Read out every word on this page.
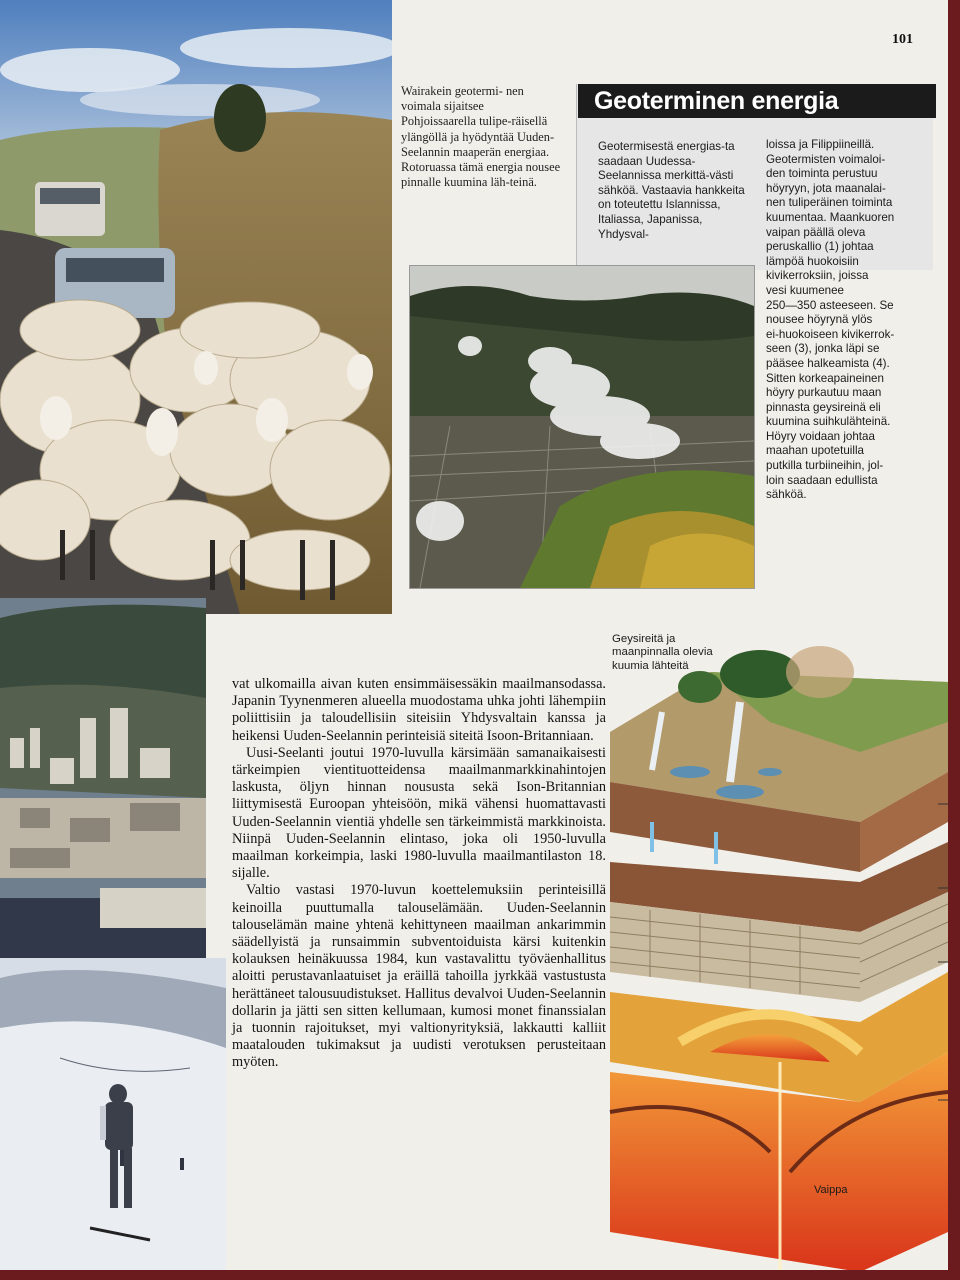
101
Wairakein geotermi- nen voimala sijaitsee Pohjoissaarella tulipe-räisellä ylängöllä ja hyödyntää Uuden-Seelannin maaperän energiaa. Rotoruassa tämä energia nousee pinnalle kuumina läh-teinä.
Geoterminen energia
Geotermisestä energias-ta saadaan Uudessa-Seelannissa merkittä-västi sähköä. Vastaavia hankkeita on toteutettu Islannissa, Italiassa, Japanissa, Yhdysval-
loissa ja Filippiineillä.
Geotermisten voimaloi-
den toiminta perustuu
höyryyn, jota maanalai-
nen tuliperäinen toiminta
kuumentaa. Maankuoren
vaipan päällä oleva
peruskallio (1) johtaa
lämpöä huokoisiin
kivikerroksiin, joissa
vesi kuumenee
250—350 asteeseen. Se
nousee höyrynä ylös
ei-huokoiseen kivikerrok-
seen (3), jonka läpi se
pääsee halkeamista (4).
Sitten korkeapaineinen
höyry purkautuu maan
pinnasta geysireinä eli
kuumina suihkulähteinä.
Höyry voidaan johtaa
maahan upotetuilla
putkilla turbiineihin, jol-
loin saadaan edullista
sähköä.

vat ulkomailla aivan kuten ensimmäisessäkin maailmansodassa. Japanin Tyynenmeren alueella muodostama uhka johti lähempiin poliittisiin ja taloudellisiin siteisiin Yhdysvaltain kanssa ja heikensi Uuden-Seelannin perinteisiä siteitä Isoon-Britanniaan.

Uusi-Seelanti joutui 1970-luvulla kärsimään samanaikaisesti tärkeimpien vientituotteidensa maailmanmarkkinahintojen laskusta, öljyn hinnan noususta sekä Ison-Britannian liittymisestä Euroopan yhteisöön, mikä vähensi huomattavasti Uuden-Seelannin vientiä yhdelle sen tärkeimmistä markkinoista. Niinpä Uuden-Seelannin elintaso, joka oli 1950-luvulla maailman korkeimpia, laski 1980-luvulla maailmantilaston 18. sijalle.

Valtio vastasi 1970-luvun koettelemuksiin perinteisillä keinoilla puuttumalla talouselämään. Uuden-Seelannin talouselämän maine yhtenä kehittyneen maailman ankarimmin säädellyistä ja runsaimmin subventoiduista kärsi kuitenkin kolauksen heinäkuussa 1984, kun vastavalittu työväenhallitus aloitti perustavanlaatuiset ja eräillä tahoilla jyrkkää vastustusta herättäneet talousuudistukset. Hallitus devalvoi Uuden-Seelannin dollarin ja jätti sen sitten kellumaan, kumosi monet finanssialan ja tuonnin rajoitukset, myi valtionyrityksiä, lakkautti kalliit maatalouden tukimaksut ja uudisti verotuksen perusteitaan myöten.

Geysireitä ja maanpinnalla olevia kuumia lähteitä
Vaippa
